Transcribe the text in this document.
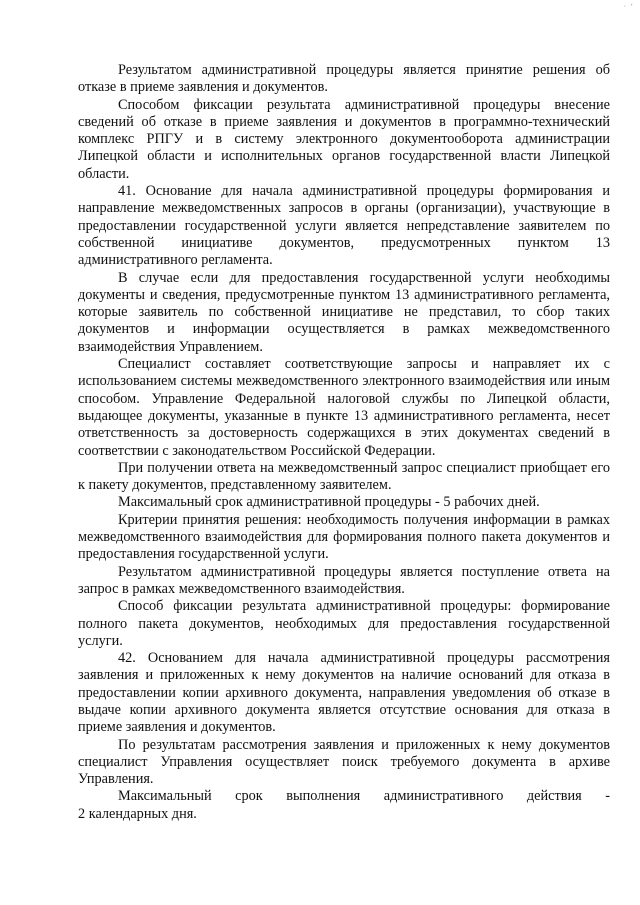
· ‘

Результатом административной процедуры является принятие решения об отказе в приеме заявления и документов.

Способом фиксации результата административной процедуры внесение сведений об отказе в приеме заявления и документов в программно-технический комплекс РПГУ и в систему электронного документооборота администрации Липецкой области и исполнительных органов государственной власти Липецкой области.

41. Основание для начала административной процедуры формирования и направление межведомственных запросов в органы (организации), участвующие в предоставлении государственной услуги является непредставление заявителем по собственной инициативе документов, предусмотренных пунктом 13 административного регламента.

В случае если для предоставления государственной услуги необходимы документы и сведения, предусмотренные пунктом 13 административного регламента, которые заявитель по собственной инициативе не представил, то сбор таких документов и информации осуществляется в рамках межведомственного взаимодействия Управлением.

Специалист составляет соответствующие запросы и направляет их с использованием системы межведомственного электронного взаимодействия или иным способом. Управление Федеральной налоговой службы по Липецкой области, выдающее документы, указанные в пункте 13 административного регламента, несет ответственность за достоверность содержащихся в этих документах сведений в соответствии с законодательством Российской Федерации.

При получении ответа на межведомственный запрос специалист приобщает его к пакету документов, представленному заявителем.

Максимальный срок административной процедуры - 5 рабочих дней.

Критерии принятия решения: необходимость получения информации в рамках межведомственного взаимодействия для формирования полного пакета документов и предоставления государственной услуги.

Результатом административной процедуры является поступление ответа на запрос в рамках межведомственного взаимодействия.

Способ фиксации результата административной процедуры: формирование полного пакета документов, необходимых для предоставления государственной услуги.

42. Основанием для начала административной процедуры рассмотрения заявления и приложенных к нему документов на наличие оснований для отказа в предоставлении копии архивного документа, направления уведомления об отказе в выдаче копии архивного документа является отсутствие основания для отказа в приеме заявления и документов.

По результатам рассмотрения заявления и приложенных к нему документов специалист Управления осуществляет поиск требуемого документа в архиве Управления.

Максимальный срок выполнения административного действия -

2 календарных дня.
